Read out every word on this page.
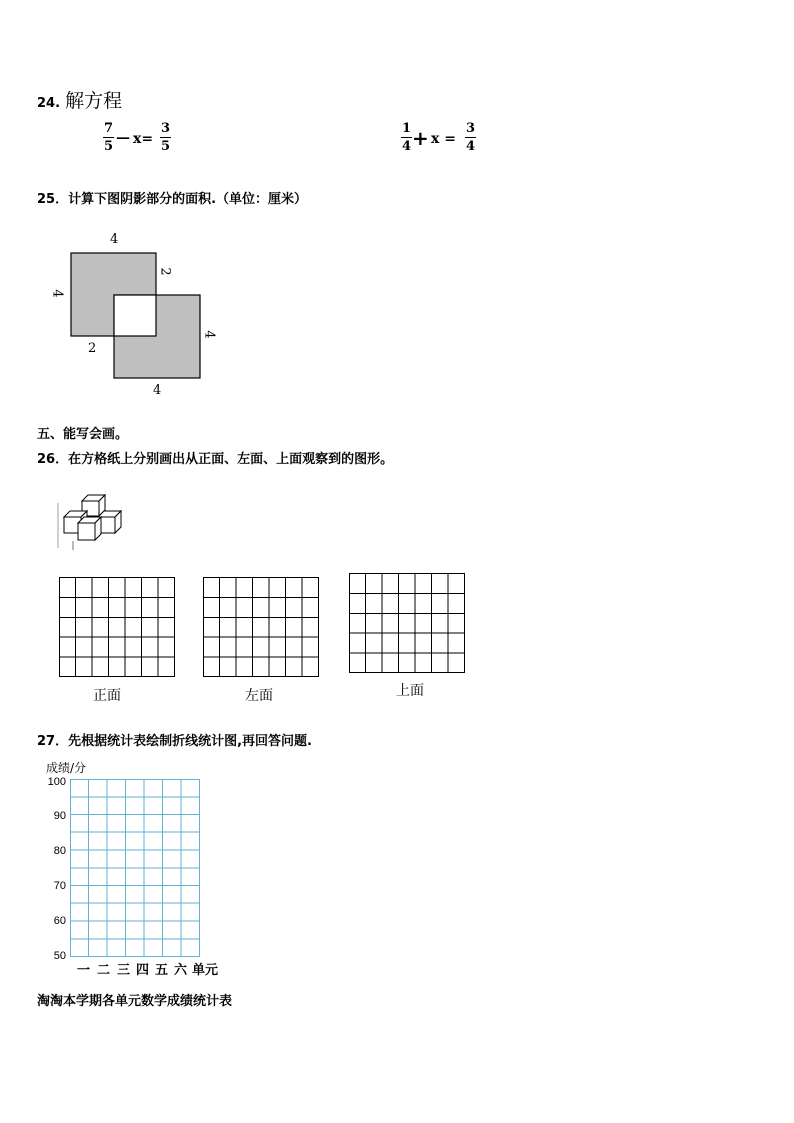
24. 解方程
7
5
— x=
3
5
1
4 + x =
3
4
25．计算下图阴影部分的面积.（单位：厘米）
4
4
2
2
4
4
五、能写会画。
26．在方格纸上分别画出从正面、左面、上面观察到的图形。
正面	左面	上面
27．先根据统计表绘制折线统计图,再回答问题.
成绩/分
100
90
80
70
60
50
一 二 三 四 五 六 单元
淘淘本学期各单元数学成绩统计表
